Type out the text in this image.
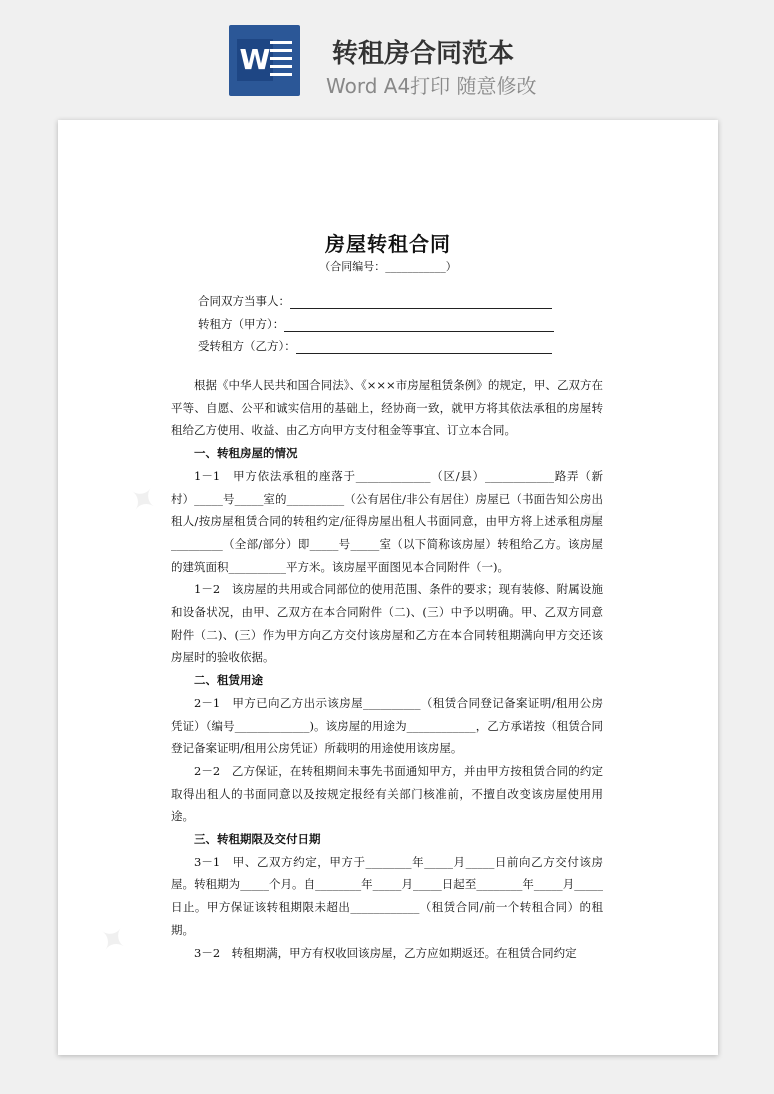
W 转租房合同范本
Word A4打印 随意修改
✦	✦
✦
房屋转租合同
（合同编号：___________）
合同双方当事人：
转租方（甲方）：
受转租方（乙方）：

根据《中华人民共和国合同法》、《×××市房屋租赁条例》的规定，甲、乙双方在平等、自愿、公平和诚实信用的基础上，经协商一致，就甲方将其依法承租的房屋转租给乙方使用、收益、由乙方向甲方支付租金等事宜、订立本合同。

一、转租房屋的情况

1－1　甲方依法承租的座落于_____________（区/县）____________路弄（新村）_____号_____室的__________（公有居住/非公有居住）房屋已（书面告知公房出租人/按房屋租赁合同的转租约定/征得房屋出租人书面同意，由甲方将上述承租房屋_________（全部/部分）即_____号_____室（以下简称该房屋）转租给乙方。该房屋的建筑面积__________平方米。该房屋平面图见本合同附件（一)。

1－2　该房屋的共用或合同部位的使用范围、条件的要求；现有装修、附属设施和设备状况，由甲、乙双方在本合同附件（二)、(三）中予以明确。甲、乙双方同意附件（二)、(三）作为甲方向乙方交付该房屋和乙方在本合同转租期满向甲方交还该房屋时的验收依据。

二、租赁用途

2－1　甲方已向乙方出示该房屋__________（租赁合同登记备案证明/租用公房凭证）（编号_____________)。该房屋的用途为____________，乙方承诺按（租赁合同登记备案证明/租用公房凭证）所载明的用途使用该房屋。

2－2　乙方保证，在转租期间未事先书面通知甲方，并由甲方按租赁合同的约定取得出租人的书面同意以及按规定报经有关部门核准前，不擅自改变该房屋使用用途。

三、转租期限及交付日期

3－1　甲、乙双方约定，甲方于________年_____月_____日前向乙方交付该房屋。转租期为_____个月。自________年_____月_____日起至________年_____月_____日止。甲方保证该转租期限未超出____________（租赁合同/前一个转租合同）的租期。

3－2　转租期满，甲方有权收回该房屋，乙方应如期返还。在租赁合同约定
